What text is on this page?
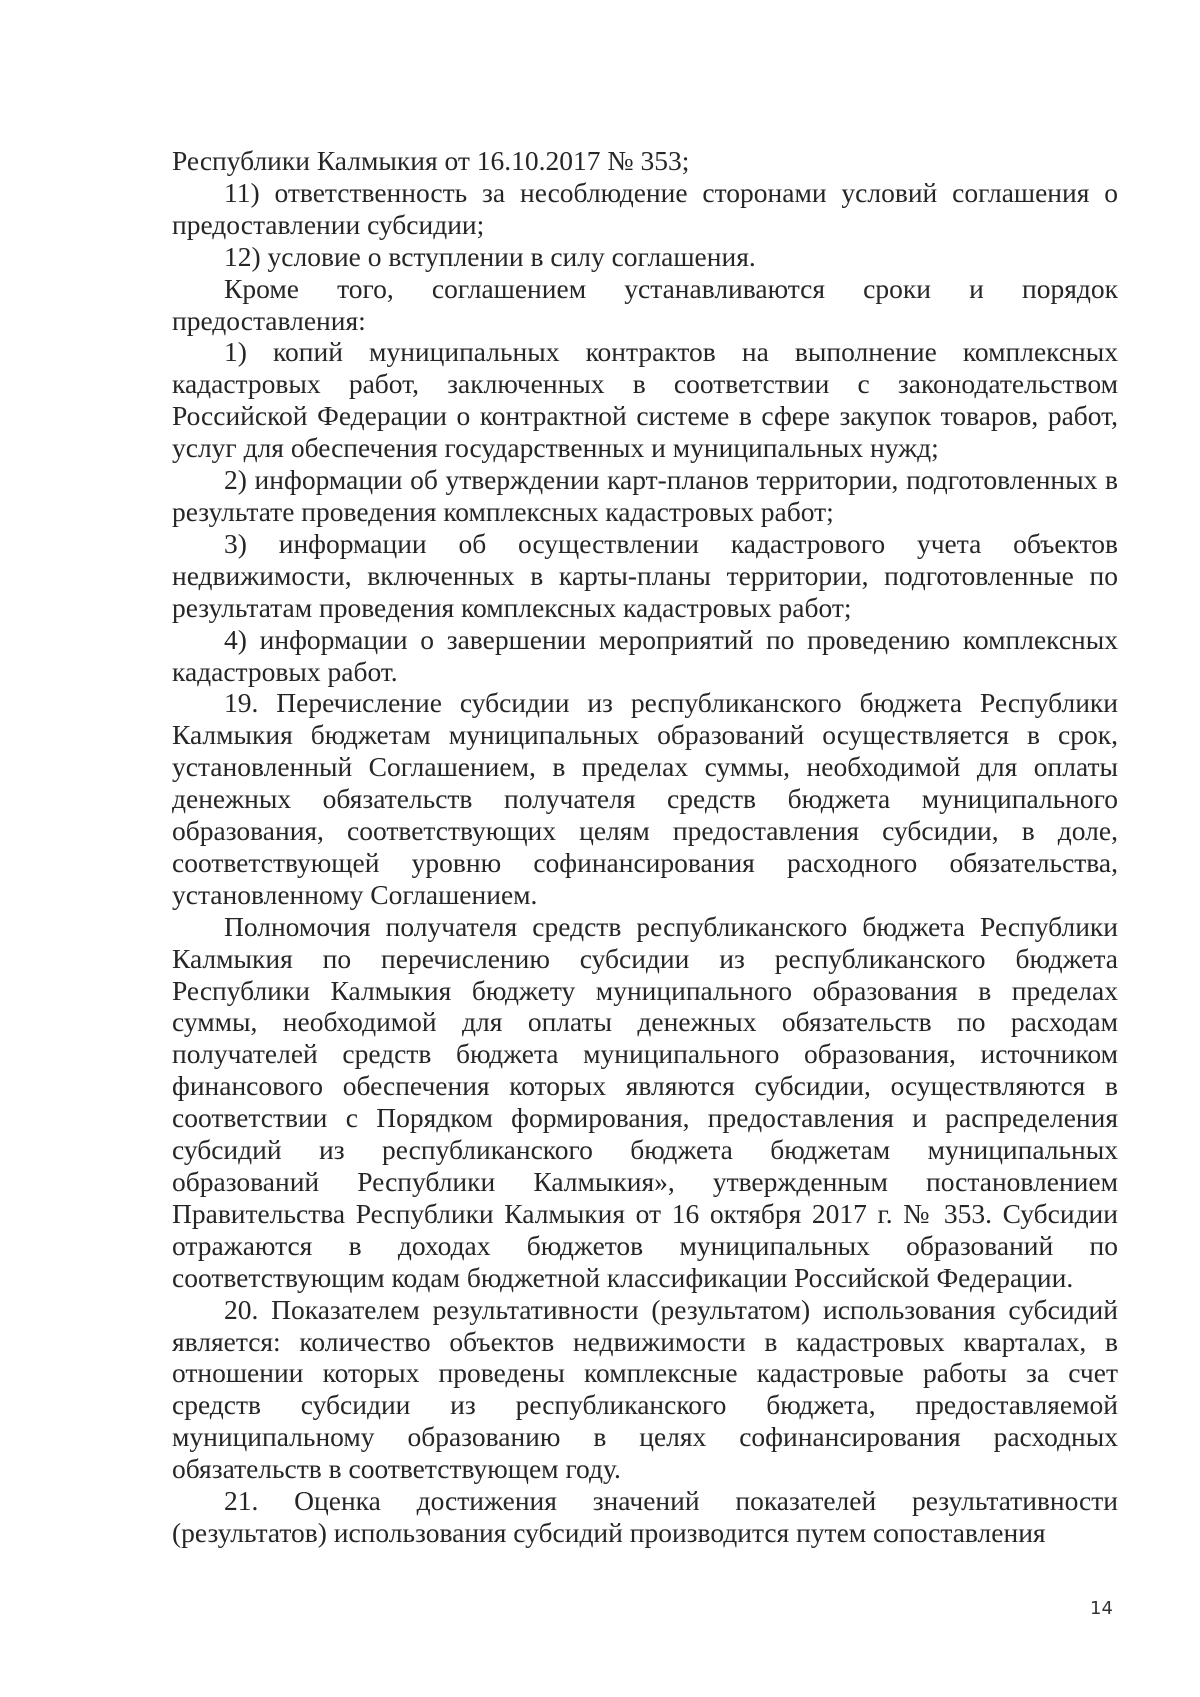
Республики Калмыкия от 16.10.2017 № 353;

11) ответственность за несоблюдение сторонами условий соглашения о предоставлении субсидии;

12) условие о вступлении в силу соглашения.

Кроме того, соглашением устанавливаются сроки и порядок предоставления:

1) копий муниципальных контрактов на выполнение комплексных кадастровых работ, заключенных в соответствии с законодательством Российской Федерации о контрактной системе в сфере закупок товаров, работ, услуг для обеспечения государственных и муниципальных нужд;

2) информации об утверждении карт-планов территории, подготовленных в результате проведения комплексных кадастровых работ;

3) информации об осуществлении кадастрового учета объектов недвижимости, включенных в карты-планы территории, подготовленные по результатам проведения комплексных кадастровых работ;

4) информации о завершении мероприятий по проведению комплексных кадастровых работ.

19. Перечисление субсидии из республиканского бюджета Республики Калмыкия бюджетам муниципальных образований осуществляется в срок, установленный Соглашением, в пределах суммы, необходимой для оплаты денежных обязательств получателя средств бюджета муниципального образования, соответствующих целям предоставления субсидии, в доле, соответствующей уровню софинансирования расходного обязательства, установленному Соглашением.

Полномочия получателя средств республиканского бюджета Республики Калмыкия по перечислению субсидии из республиканского бюджета Республики Калмыкия бюджету муниципального образования в пределах суммы, необходимой для оплаты денежных обязательств по расходам получателей средств бюджета муниципального образования, источником финансового обеспечения которых являются субсидии, осуществляются в соответствии с Порядком формирования, предоставления и распределения субсидий из республиканского бюджета бюджетам муниципальных образований Республики Калмыкия», утвержденным постановлением Правительства Республики Калмыкия от 16 октября 2017 г. № 353. Субсидии отражаются в доходах бюджетов муниципальных образований по соответствующим кодам бюджетной классификации Российской Федерации.

20. Показателем результативности (результатом) использования субсидий является: количество объектов недвижимости в кадастровых кварталах, в отношении которых проведены комплексные кадастровые работы за счет средств субсидии из республиканского бюджета, предоставляемой муниципальному образованию в целях софинансирования расходных обязательств в соответствующем году.

21. Оценка достижения значений показателей результативности (результатов) использования субсидий производится путем сопоставления

14
